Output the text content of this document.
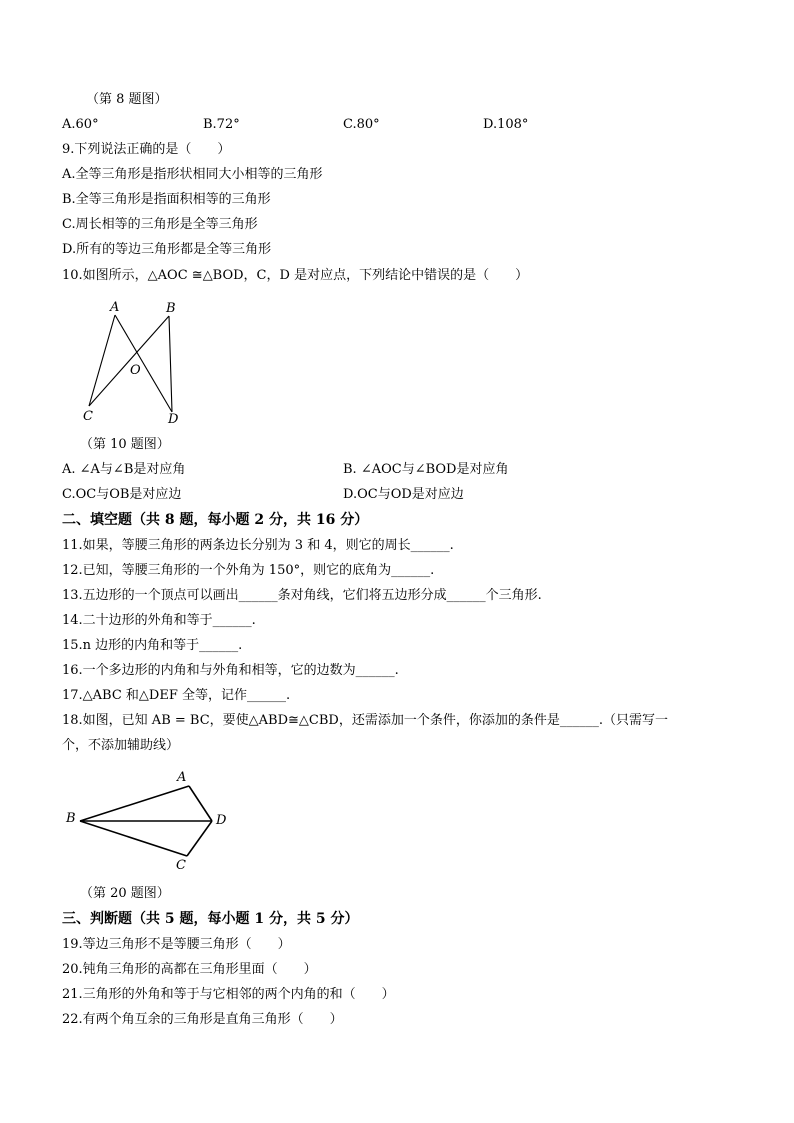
（第 8 题图）
A.60°	B.72°	C.80°	D.108°
9.下列说法正确的是（　　）
A.全等三角形是指形状相同大小相等的三角形
B.全等三角形是指面积相等的三角形
C.周长相等的三角形是全等三角形
D.所有的等边三角形都是全等三角形
10.如图所示，△AOC ≅△BOD，C，D 是对应点，下列结论中错误的是（　　）
A	B
O
C	D
（第 10 题图）
A. ∠A与∠B是对应角	B. ∠AOC与∠BOD是对应角
C.OC与OB是对应边	D.OC与OD是对应边
二、填空题（共 8 题，每小题 2 分，共 16 分）
11.如果，等腰三角形的两条边长分别为 3 和 4，则它的周长______.
12.已知，等腰三角形的一个外角为 150°，则它的底角为______.
13.五边形的一个顶点可以画出______条对角线，它们将五边形分成______个三角形.
14.二十边形的外角和等于______.
15.n 边形的内角和等于______.
16.一个多边形的内角和与外角和相等，它的边数为______.
17.△ABC 和△DEF 全等，记作______.
18.如图，已知 AB = BC，要使△ABD≅△CBD，还需添加一个条件，你添加的条件是______.（只需写一
个，不添加辅助线）
A
B	D
C
（第 20 题图）
三、判断题（共 5 题，每小题 1 分，共 5 分）
19.等边三角形不是等腰三角形（　　）
20.钝角三角形的高都在三角形里面（　　）
21.三角形的外角和等于与它相邻的两个内角的和（　　）
22.有两个角互余的三角形是直角三角形（　　）
